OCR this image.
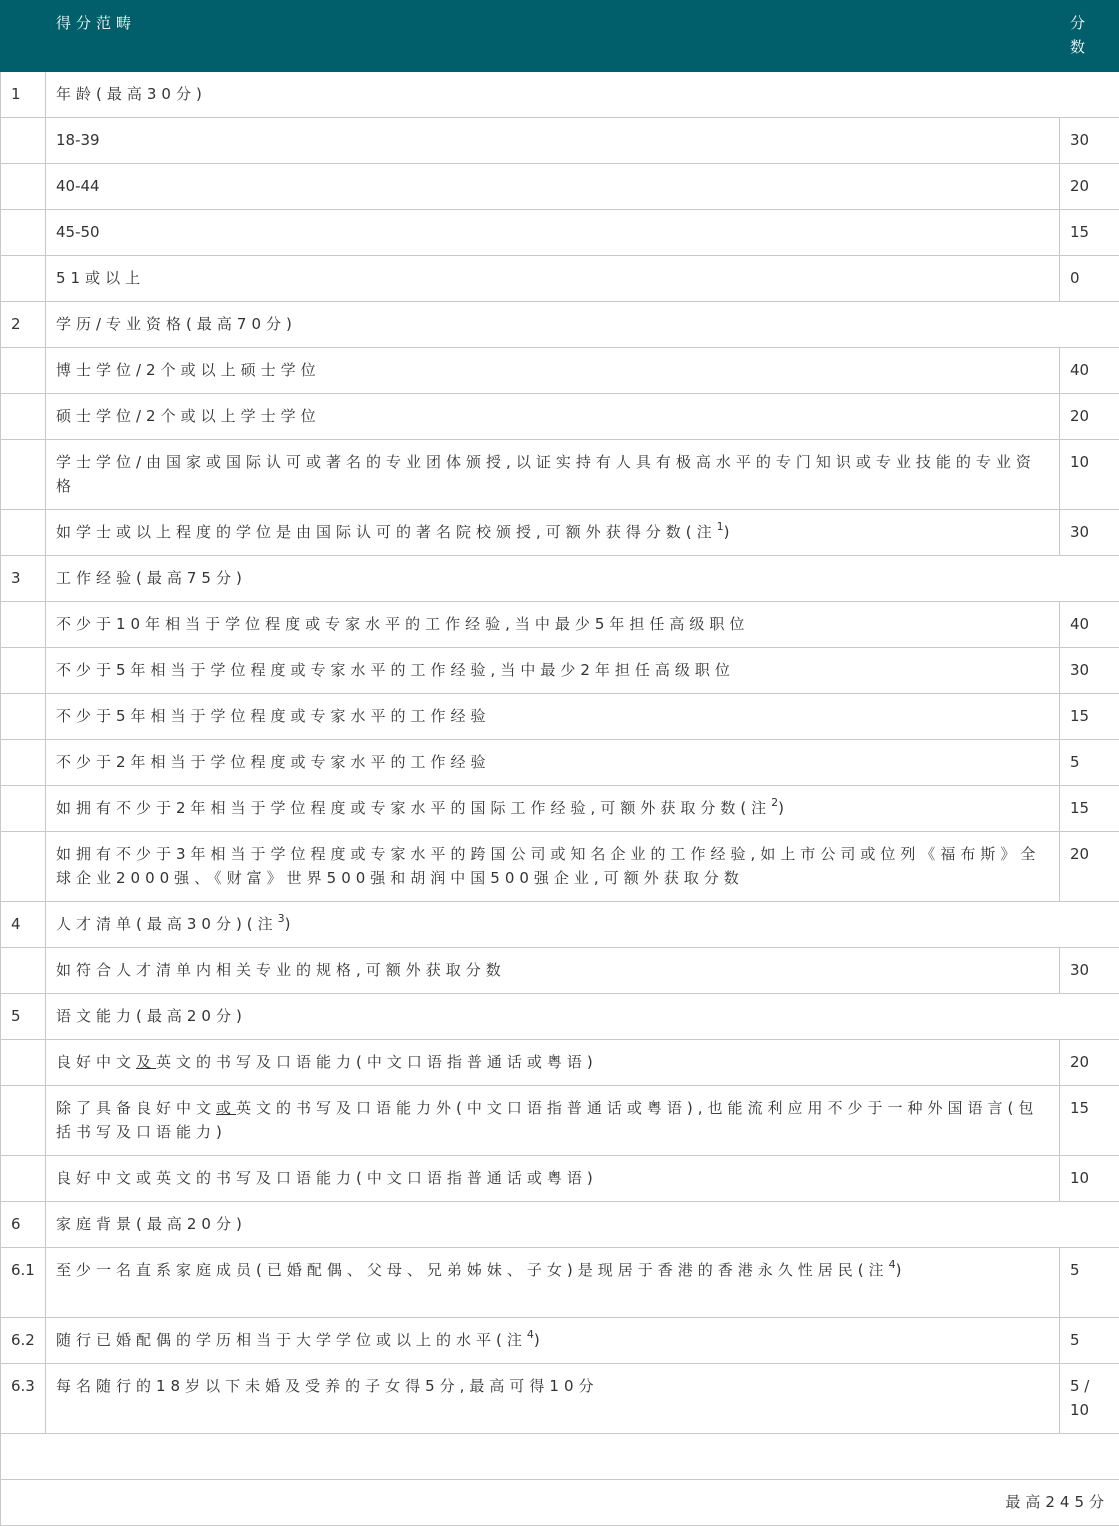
	得分范畴	分数
1	年龄(最高30分)	
	18-39	30
	40-44	20
	45-50	15
	51或以上	0
2	学历/专业资格(最高70分)	
	博士学位/2个或以上硕士学位	40
	硕士学位/2个或以上学士学位	20
	学士学位/由国家或国际认可或著名的专业团体颁授,以证实持有人具有极高水平的专门知识或专业技能的专业资格	10
	如学士或以上程度的学位是由国际认可的著名院校颁授,可额外获得分数(注$^1$)	30
3	工作经验(最高75分)	
	不少于10年相当于学位程度或专家水平的工作经验,当中最少5年担任高级职位	40
	不少于5年相当于学位程度或专家水平的工作经验,当中最少2年担任高级职位	30
	不少于5年相当于学位程度或专家水平的工作经验	15
	不少于2年相当于学位程度或专家水平的工作经验	5
	如拥有不少于2年相当于学位程度或专家水平的国际工作经验,可额外获取分数(注$^2$)	15
	如拥有不少于3年相当于学位程度或专家水平的跨国公司或知名企业的工作经验,如上市公司或位列《福布斯》全球企业2000强、《财富》世界500强和胡润中国500强企业,可额外获取分数	20
4	人才清单(最高30分)(注$^3$)	
	如符合人才清单内相关专业的规格,可额外获取分数	30
5	语文能力(最高20分)	
	良好中文及英文的书写及口语能力(中文口语指普通话或粤语)	20
	除了具备良好中文或英文的书写及口语能力外(中文口语指普通话或粤语),也能流利应用不少于一种外国语言(包括书写及口语能力)	15
	良好中文或英文的书写及口语能力(中文口语指普通话或粤语)	10
6	家庭背景(最高20分)	
6.1	至少一名直系家庭成员(已婚配偶、父母、兄弟姊妹、子女)是现居于香港的香港永久性居民(注$^4$)	5
6.2	随行已婚配偶的学历相当于大学学位或以上的水平(注$^4$)	5
6.3	每名随行的18岁以下未婚及受养的子女得5分,最高可得10分	5 / 10

最高245分		
